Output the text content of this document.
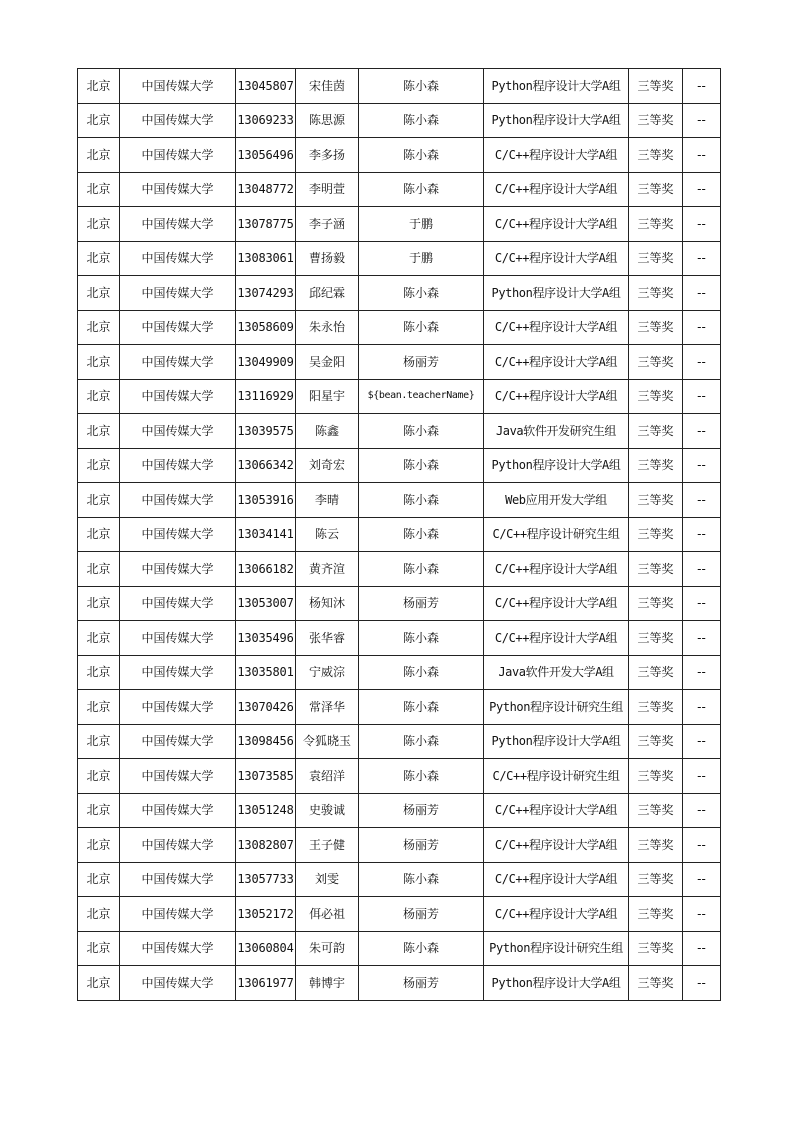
北京	中国传媒大学	13045807	宋佳茵	陈小森	Python程序设计大学A组	三等奖	--
北京	中国传媒大学	13069233	陈思源	陈小森	Python程序设计大学A组	三等奖	--
北京	中国传媒大学	13056496	李多扬	陈小森	C/C++程序设计大学A组	三等奖	--
北京	中国传媒大学	13048772	李明萱	陈小森	C/C++程序设计大学A组	三等奖	--
北京	中国传媒大学	13078775	李子涵	于鹏	C/C++程序设计大学A组	三等奖	--
北京	中国传媒大学	13083061	曹扬毅	于鹏	C/C++程序设计大学A组	三等奖	--
北京	中国传媒大学	13074293	邱纪霖	陈小森	Python程序设计大学A组	三等奖	--
北京	中国传媒大学	13058609	朱永怡	陈小森	C/C++程序设计大学A组	三等奖	--
北京	中国传媒大学	13049909	吴金阳	杨丽芳	C/C++程序设计大学A组	三等奖	--
北京	中国传媒大学	13116929	阳星宇	${bean.teacherName}	C/C++程序设计大学A组	三等奖	--
北京	中国传媒大学	13039575	陈鑫	陈小森	Java软件开发研究生组	三等奖	--
北京	中国传媒大学	13066342	刘奇宏	陈小森	Python程序设计大学A组	三等奖	--
北京	中国传媒大学	13053916	李晴	陈小森	Web应用开发大学组	三等奖	--
北京	中国传媒大学	13034141	陈云	陈小森	C/C++程序设计研究生组	三等奖	--
北京	中国传媒大学	13066182	黄齐渲	陈小森	C/C++程序设计大学A组	三等奖	--
北京	中国传媒大学	13053007	杨知沐	杨丽芳	C/C++程序设计大学A组	三等奖	--
北京	中国传媒大学	13035496	张华睿	陈小森	C/C++程序设计大学A组	三等奖	--
北京	中国传媒大学	13035801	宁威淙	陈小森	Java软件开发大学A组	三等奖	--
北京	中国传媒大学	13070426	常泽华	陈小森	Python程序设计研究生组	三等奖	--
北京	中国传媒大学	13098456	令狐晓玉	陈小森	Python程序设计大学A组	三等奖	--
北京	中国传媒大学	13073585	袁绍洋	陈小森	C/C++程序设计研究生组	三等奖	--
北京	中国传媒大学	13051248	史骏诚	杨丽芳	C/C++程序设计大学A组	三等奖	--
北京	中国传媒大学	13082807	王子健	杨丽芳	C/C++程序设计大学A组	三等奖	--
北京	中国传媒大学	13057733	刘雯	陈小森	C/C++程序设计大学A组	三等奖	--
北京	中国传媒大学	13052172	佴必祖	杨丽芳	C/C++程序设计大学A组	三等奖	--
北京	中国传媒大学	13060804	朱可韵	陈小森	Python程序设计研究生组	三等奖	--
北京	中国传媒大学	13061977	韩博宇	杨丽芳	Python程序设计大学A组	三等奖	--
